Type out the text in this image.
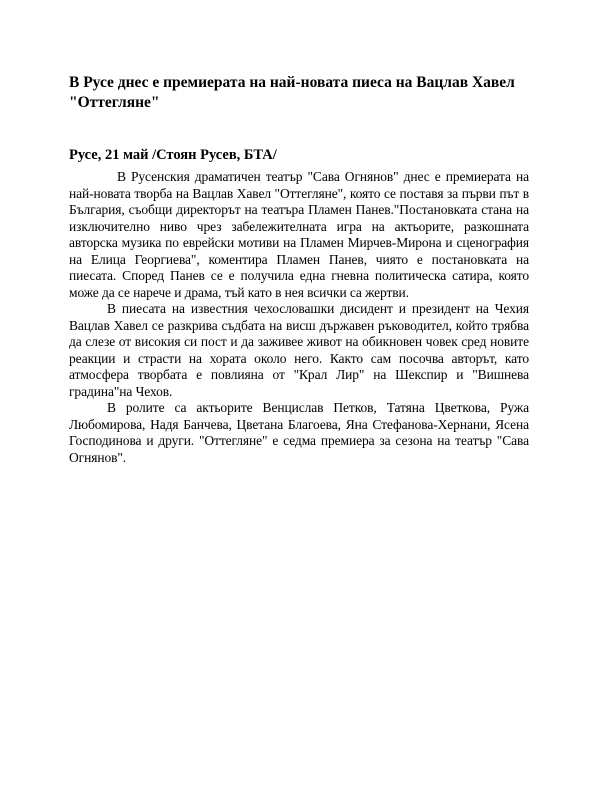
В Русе днес е премиерата на най-новата пиеса на Вацлав Хавел "Оттегляне"

Русе, 21 май /Стоян Русев, БТА/

В Русенския драматичен театър "Сава Огнянов" днес е премиерата на най-новата творба на Вацлав Хавел "Оттегляне", която се поставя за първи път в България, съобщи директорът на театъра Пламен Панев."Постановката стана на изключително ниво чрез забележителната игра на актьорите, разкошната авторска музика по еврейски мотиви на Пламен Мирчев-Мирона и сценография на Елица Георгиева", коментира Пламен Панев, чиято е постановката на пиесата. Според Панев се е получила една гневна политическа сатира, която може да се нарече и драма, тъй като в нея всички са жертви.

В пиесата на известния чехословашки дисидент и президент на Чехия Вацлав Хавел се разкрива съдбата на висш държавен ръководител, който трябва да слезе от високия си пост и да заживее живот на обикновен човек сред новите реакции и страсти на хората около него. Както сам посочва авторът, като атмосфера творбата е повлияна от "Крал Лир" на Шекспир и "Вишнева градина"на Чехов.

В ролите са актьорите Венцислав Петков, Татяна Цветкова, Ружа Любомирова, Надя Банчева, Цветана Благоева, Яна Стефанова-Хернани, Ясена Господинова и други. "Оттегляне" е седма премиера за сезона на театър "Сава Огнянов".
